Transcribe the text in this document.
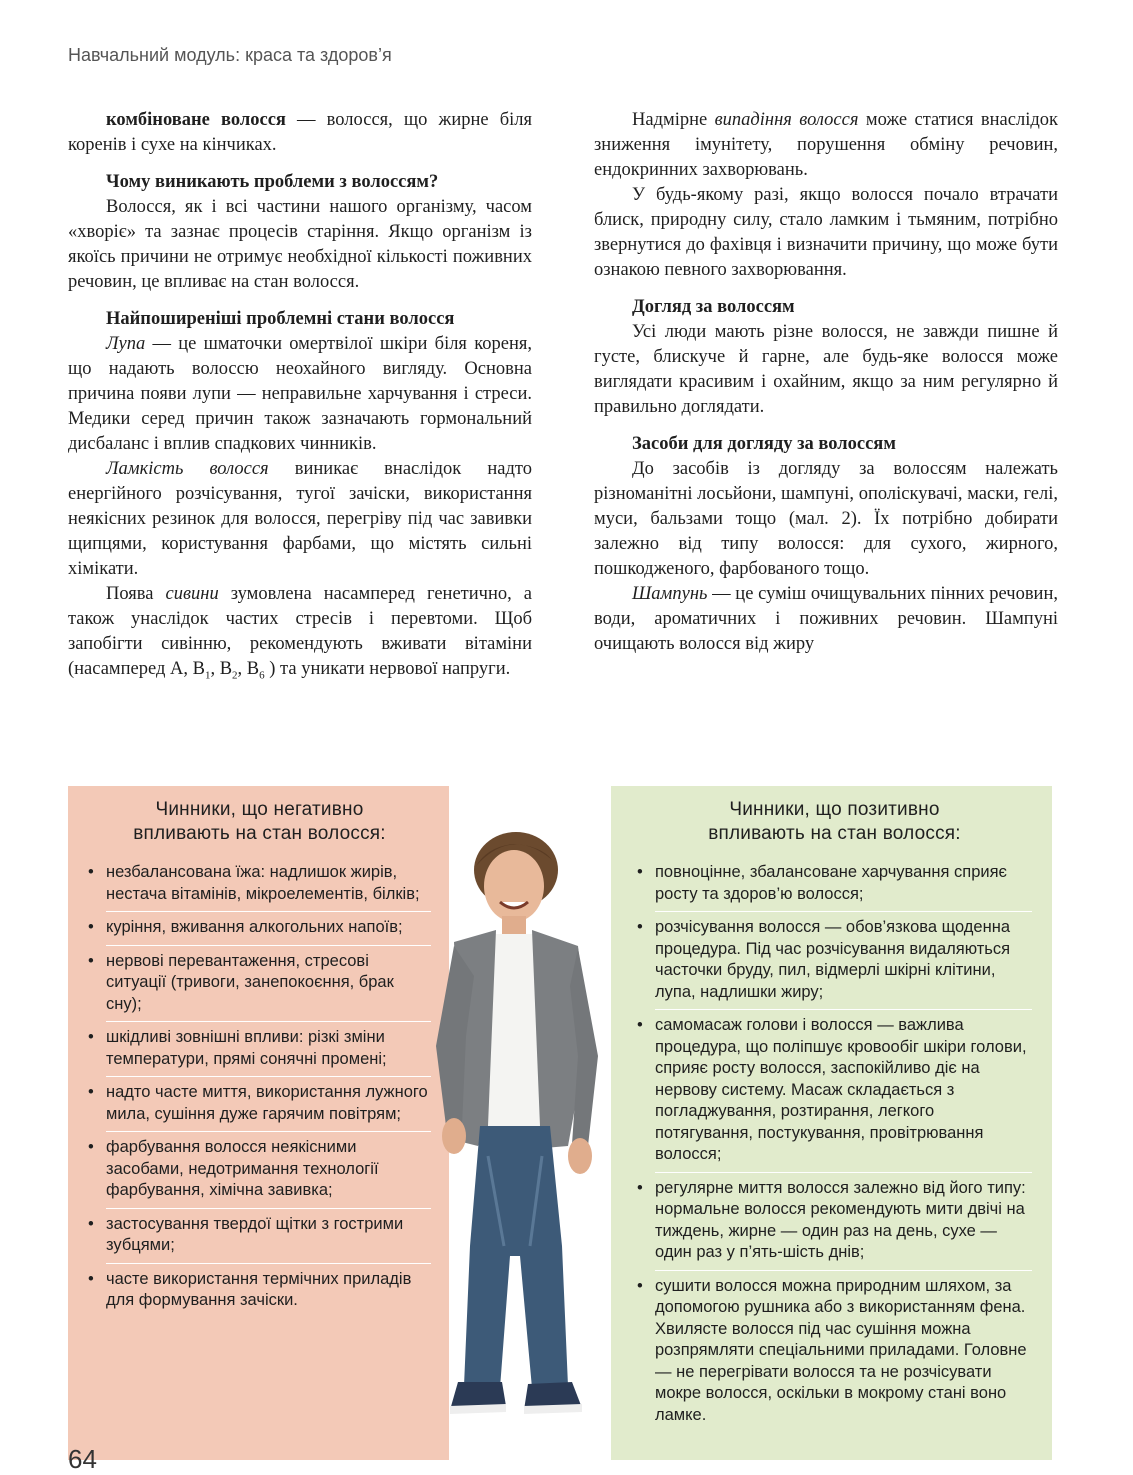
Навчальний модуль: краса та здоров’я

комбіноване волосся — волосся, що жирне біля коренів і сухе на кінчиках.

Чому виникають проблеми з волоссям?

Волосся, як і всі частини нашого організму, часом «хворіє» та зазнає процесів старіння. Якщо організм із якоїсь причини не отримує необхідної кількості поживних речовин, це впливає на стан волосся.

Найпоширеніші проблемні стани волосся

Лупа — це шматочки омертвілої шкіри біля кореня, що надають волоссю неохайного вигляду. Основна причина появи лупи — неправильне харчування і стреси. Медики серед причин також зазначають гормональний дисбаланс і вплив спадкових чинників.

Ламкість волосся виникає внаслідок надто енергійного розчісування, тугої зачіски, використання неякісних резинок для волосся, перегріву під час завивки щипцями, користування фарбами, що містять сильні хімікати.

Поява сивини зумовлена насамперед генетично, а також унаслідок частих стресів і перевтоми. Щоб запобігти сивінню, рекомендують вживати вітаміни (насамперед А, $В_1$, $В_2$, $В_6$ ) та уникати нервової напруги.

Надмірне випадіння волосся може статися внаслідок зниження імунітету, порушення обміну речовин, ендокринних захворювань.

У будь-якому разі, якщо волосся почало втрачати блиск, природну силу, стало ламким і тьмяним, потрібно звернутися до фахівця і визначити причину, що може бути ознакою певного захворювання.

Догляд за волоссям

Усі люди мають різне волосся, не завжди пишне й густе, блискуче й гарне, але будь-яке волосся може виглядати красивим і охайним, якщо за ним регулярно й правильно доглядати.

Засоби для догляду за волоссям

До засобів із догляду за волоссям належать різноманітні лосьйони, шампуні, ополіскувачі, маски, гелі, муси, бальзами тощо (мал. 2). Їх потрібно добирати залежно від типу волосся: для сухого, жирного, пошкодженого, фарбованого тощо.

Шампунь — це суміш очищувальних пінних речовин, води, ароматичних і поживних речовин. Шампуні очищають волосся від жиру

Чинники, що негативно
впливають на стан волосся:
• незбалансована їжа: надлишок жирів, нестача вітамінів, мікроелементів, білків;
• куріння, вживання алкогольних напоїв;
• нервові перевантаження, стресові ситуації (тривоги, занепокоєння, брак сну);
• шкідливі зовнішні впливи: різкі зміни температури, прямі сонячні промені;
• надто часте миття, використання лужного мила, сушіння дуже гарячим повітрям;
• фарбування волосся неякісними засобами, недотримання технології фарбування, хімічна завивка;
• застосування твердої щітки з гострими зубцями;
• часте використання термічних приладів для формування зачіски.
Чинники, що позитивно
впливають на стан волосся:
• повноцінне, збалансоване харчування сприяє росту та здоров’ю волосся;
• розчісування волосся — обов’язкова щоденна процедура. Під час розчісування видаляються часточки бруду, пил, відмерлі шкірні клітини, лупа, надлишки жиру;
• самомасаж голови і волосся — важлива процедура, що поліпшує кровообіг шкіри голови, сприяє росту волосся, заспокійливо діє на нервову систему. Масаж складається з погладжування, розтирання, легкого потягування, постукування, провітрювання волосся;
• регулярне миття волосся залежно від його типу: нормальне волосся рекомендують мити двічі на тиждень, жирне — один раз на день, сухе — один раз у п’ять-шість днів;
• сушити волосся можна природним шляхом, за допомогою рушника або з використанням фена. Хвилясте волосся під час сушіння можна розпрямляти спеціальними приладами. Головне — не перегрівати волосся та не розчісувати мокре волосся, оскільки в мокрому стані воно ламке.
64
